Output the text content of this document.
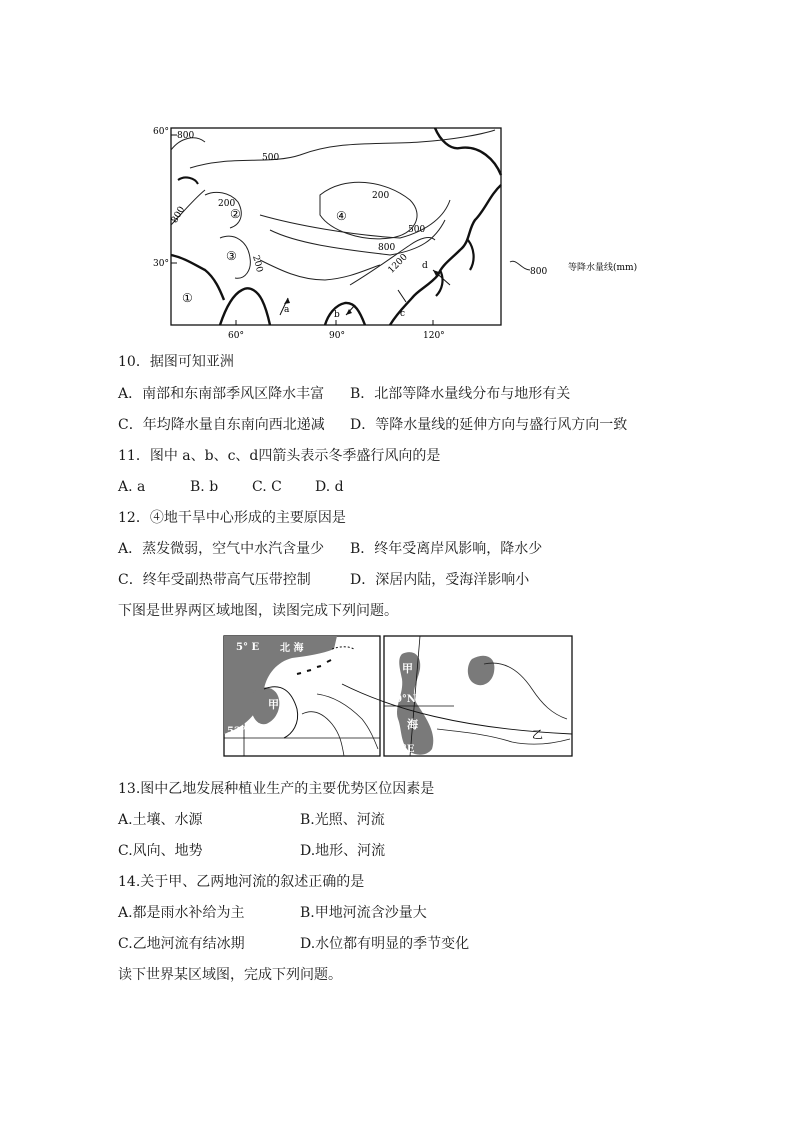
60°
30°
60°	90°	120°
800
500
200
200
500
800
1200
800
200
①
②
③
④
a	b	c
d
800 等降水量线(mm)
10．据图可知亚洲
A．南部和东南部季风区降水丰富 B．北部等降水量线分布与地形有关
C．年均降水量自东南向西北递减 D．等降水量线的延伸方向与盛行风方向一致
11．图中 a、b、c、d四箭头表示冬季盛行风向的是
A. a	B. b C. C D. d
12．④地干旱中心形成的主要原因是
A．蒸发微弱，空气中水汽含量少 B．终年受离岸风影响，降水少
C．终年受副热带高气压带控制	D．深居内陆，受海洋影响小
下图是世界两区域地图，读图完成下列问题。
5° E 北 海
甲
52° N
甲
40°N
海
50°E
乙
13.图中乙地发展种植业生产的主要优势区位因素是
A.土壤、水源	B.光照、河流
C.风向、地势	D.地形、河流
14.关于甲、乙两地河流的叙述正确的是
A.都是雨水补给为主	B.甲地河流含沙量大
C.乙地河流有结冰期	D.水位都有明显的季节变化
读下世界某区域图，完成下列问题。
